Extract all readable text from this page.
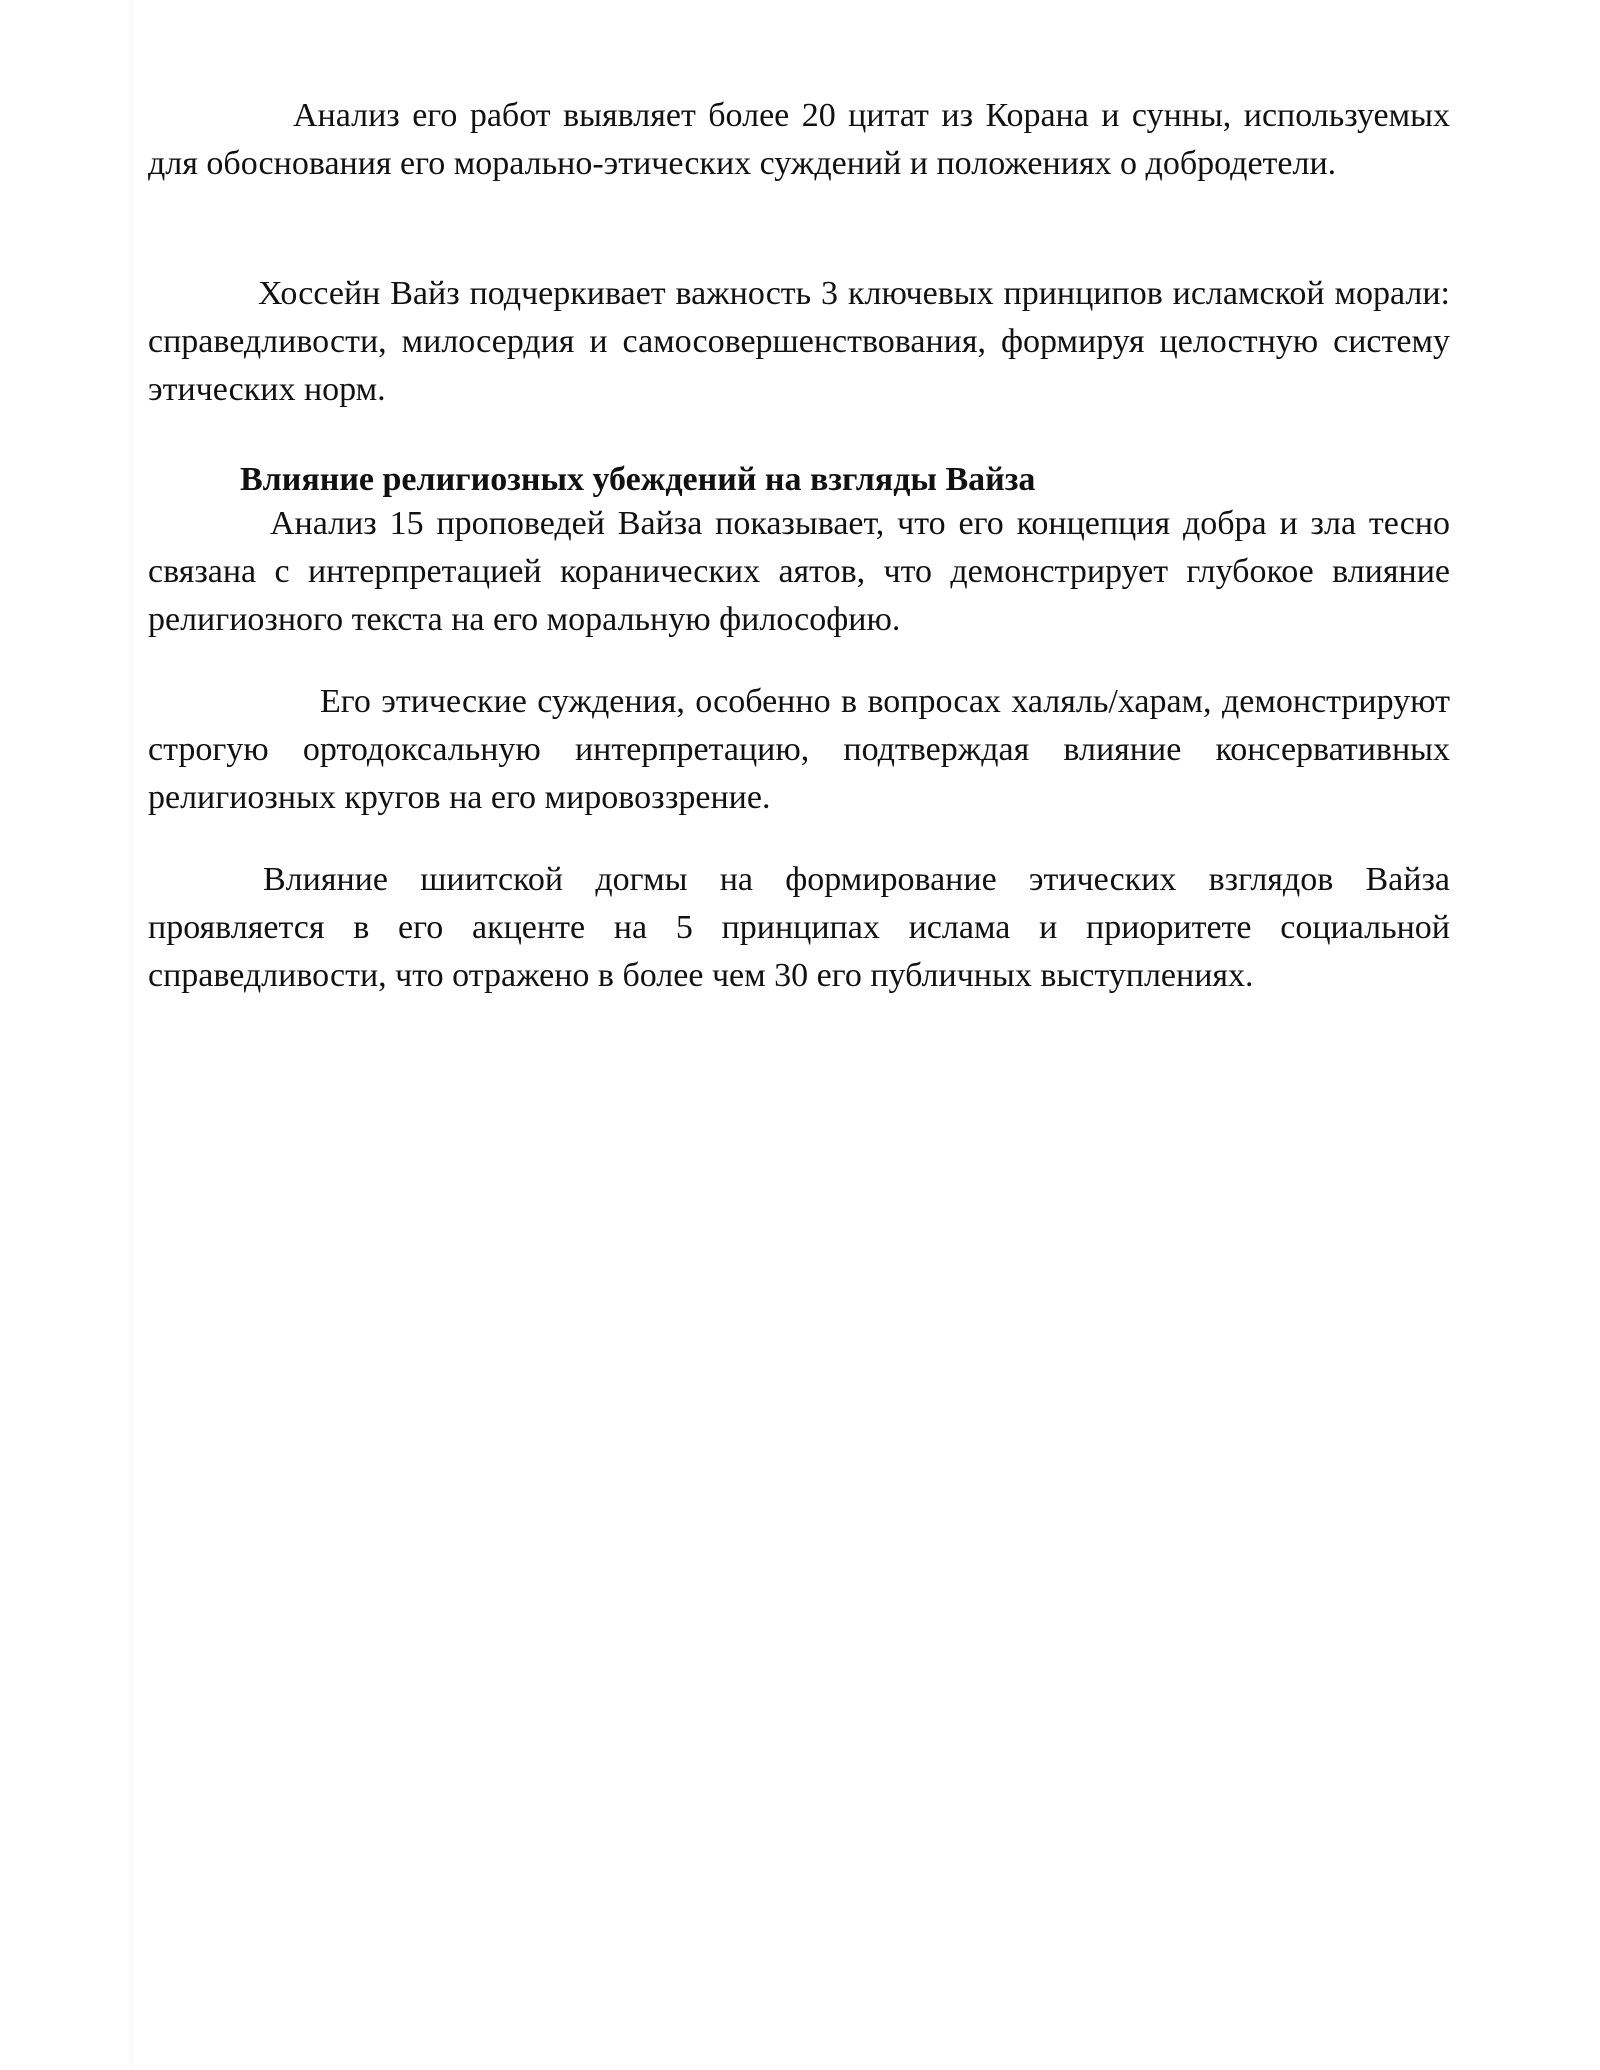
Анализ его работ выявляет более 20 цитат из Корана и сунны, используемых для обоснования его морально-этических суждений и положениях о добродетели.

Хоссейн Вайз подчеркивает важность 3 ключевых принципов исламской морали: справедливости, милосердия и самосовершенствования, формируя целостную систему этических норм.

Влияние религиозных убеждений на взгляды Вайза

Анализ 15 проповедей Вайза показывает, что его концепция добра и зла тесно связана с интерпретацией коранических аятов, что демонстрирует глубокое влияние религиозного текста на его моральную философию.

Его этические суждения, особенно в вопросах халяль/харам, демонстрируют строгую ортодоксальную интерпретацию, подтверждая влияние консервативных религиозных кругов на его мировоззрение.

Влияние шиитской догмы на формирование этических взглядов Вайза проявляется в его акценте на 5 принципах ислама и приоритете социальной справедливости, что отражено в более чем 30 его публичных выступлениях.
